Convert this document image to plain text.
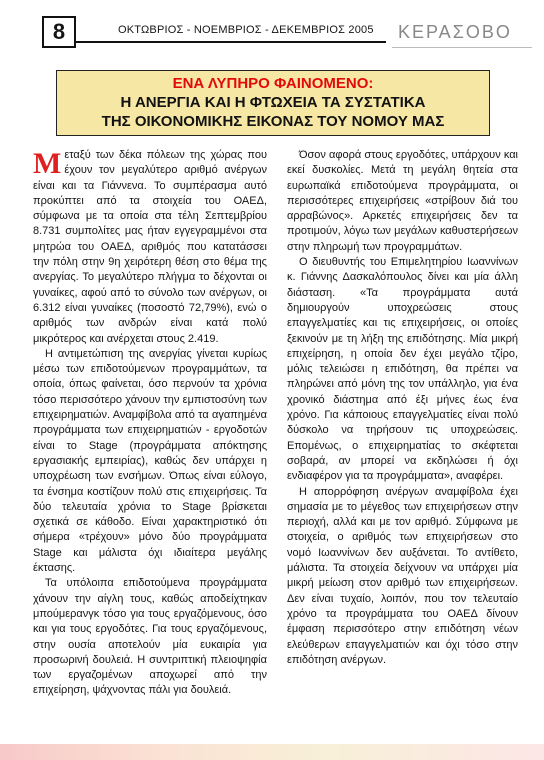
8	ΟΚΤΩΒΡΙΟΣ - ΝΟΕΜΒΡΙΟΣ - ΔΕΚΕΜΒΡΙΟΣ 2005 ΚΕΡΑΣΟΒΟ
ΕΝΑ ΛΥΠΗΡΟ ΦΑΙΝΟΜΕΝΟ:
Η ΑΝΕΡΓΙΑ ΚΑΙ Η ΦΤΩΧΕΙΑ ΤΑ ΣΥΣΤΑΤΙΚΑ
ΤΗΣ ΟΙΚΟΝΟΜΙΚΗΣ ΕΙΚΟΝΑΣ ΤΟΥ ΝΟΜΟΥ ΜΑΣ

Μεταξύ των δέκα πόλεων της χώρας που έχουν τον μεγαλύτερο αριθμό ανέργων είναι και τα Γιάννενα. Το συμπέρασμα αυτό προκύπτει από τα στοιχεία του ΟΑΕΔ, σύμφωνα με τα οποία στα τέλη Σεπτεμβρίου 8.731 συμπολίτες μας ήταν εγγεγραμμένοι στα μητρώα του ΟΑΕΔ, αριθμός που κατατάσσει την πόλη στην 9η χειρότερη θέση στο θέμα της ανεργίας. Το μεγαλύτερο πλήγμα το δέχονται οι γυναίκες, αφού από το σύνολο των ανέργων, οι 6.312 είναι γυναίκες (ποσοστό 72,79%), ενώ ο αριθμός των ανδρών είναι κατά πολύ μικρότερος και ανέρχεται στους 2.419.

Η αντιμετώπιση της ανεργίας γίνεται κυρίως μέσω των επιδοτούμενων προγραμμάτων, τα οποία, όπως φαίνεται, όσο περνούν τα χρόνια τόσο περισσότερο χάνουν την εμπιστοσύνη των επιχειρηματιών. Αναμφίβολα από τα αγαπημένα προγράμματα των επιχειρηματιών - εργοδοτών είναι το Stage (προγράμματα απόκτησης εργασιακής εμπειρίας), καθώς δεν υπάρχει η υποχρέωση των ενσήμων. Όπως είναι εύλογο, τα ένσημα κοστίζουν πολύ στις επιχειρήσεις. Τα δύο τελευταία χρόνια το Stage βρίσκεται σχετικά σε κάθοδο. Είναι χαρακτηριστικό ότι σήμερα «τρέχουν» μόνο δύο προγράμματα Stage και μάλιστα όχι ιδιαίτερα μεγάλης έκτασης.

Τα υπόλοιπα επιδοτούμενα προγράμματα χάνουν την αίγλη τους, καθώς αποδείχτηκαν μπούμερανγκ τόσο για τους εργαζόμενους, όσο και για τους εργοδότες. Για τους εργαζόμενους, στην ουσία αποτελούν μία ευκαιρία για προσωρινή δουλειά. Η συντριπτική πλειοψηφία των εργαζομένων αποχωρεί από την επιχείρηση, ψάχνοντας πάλι για δουλειά.

Όσον αφορά στους εργοδότες, υπάρχουν και εκεί δυσκολίες. Μετά τη μεγάλη θητεία στα ευρωπαϊκά επιδοτούμενα προγράμματα, οι περισσότερες επιχειρήσεις «στρίβουν διά του αρραβώνος». Αρκετές επιχειρήσεις δεν τα προτιμούν, λόγω των μεγάλων καθυστερήσεων στην πληρωμή των προγραμμάτων.

Ο διευθυντής του Επιμελητηρίου Ιωαννίνων κ. Γιάννης Δασκαλόπουλος δίνει και μία άλλη διάσταση. «Τα προγράμματα αυτά δημιουργούν υποχρεώσεις στους επαγγελματίες και τις επιχειρήσεις, οι οποίες ξεκινούν με τη λήξη της επιδότησης. Μία μικρή επιχείρηση, η οποία δεν έχει μεγάλο τζίρο, μόλις τελειώσει η επιδότηση, θα πρέπει να πληρώνει από μόνη της τον υπάλληλο, για ένα χρονικό διάστημα από έξι μήνες έως ένα χρόνο. Για κάποιους επαγγελματίες είναι πολύ δύσκολο να τηρήσουν τις υποχρεώσεις. Επομένως, ο επιχειρηματίας το σκέφτεται σοβαρά, αν μπορεί να εκδηλώσει ή όχι ενδιαφέρον για τα προγράμματα», αναφέρει.

Η απορρόφηση ανέργων αναμφίβολα έχει σημασία με το μέγεθος των επιχειρήσεων στην περιοχή, αλλά και με τον αριθμό. Σύμφωνα με στοιχεία, ο αριθμός των επιχειρήσεων στο νομό Ιωαννίνων δεν αυξάνεται. Το αντίθετο, μάλιστα. Τα στοιχεία δείχνουν να υπάρχει μία μικρή μείωση στον αριθμό των επιχειρήσεων. Δεν είναι τυχαίο, λοιπόν, που τον τελευταίο χρόνο τα προγράμματα του ΟΑΕΔ δίνουν έμφαση περισσότερο στην επιδότηση νέων ελεύθερων επαγγελματιών και όχι τόσο στην επιδότηση ανέργων.
